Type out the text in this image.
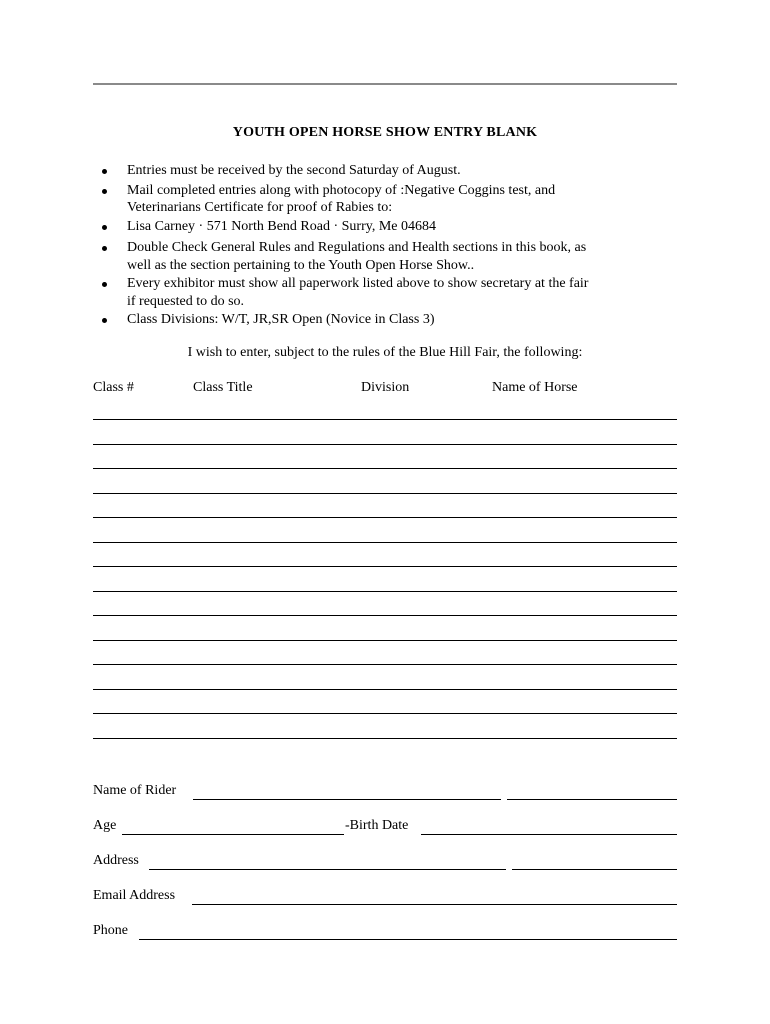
YOUTH OPEN HORSE SHOW ENTRY BLANK
Entries must be received by the second Saturday of August.
Mail completed entries along with photocopy of :Negative Coggins test, and
Veterinarians Certificate for proof of Rabies to:
Lisa Carney · 571 North Bend Road · Surry, Me 04684
Double Check General Rules and Regulations and Health sections in this book, as
well as the section pertaining to the Youth Open Horse Show..
Every exhibitor must show all paperwork listed above to show secretary at the fair
if requested to do so.
Class Divisions: W/T, JR,SR Open (Novice in Class 3)
I wish to enter, subject to the rules of the Blue Hill Fair, the following:
Class #	Class Title	Division	Name of Horse
Name of Rider
Age	-Birth Date
Address
Email Address
Phone
